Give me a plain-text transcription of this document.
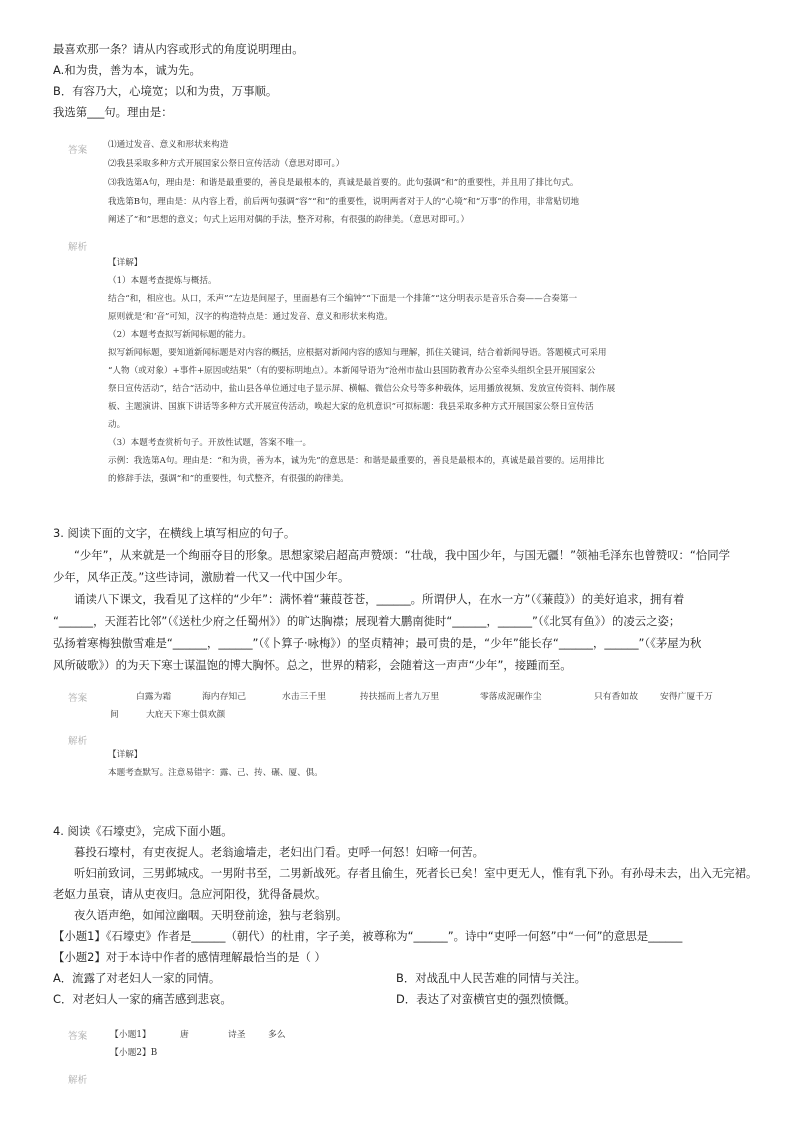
最喜欢那一条？请从内容或形式的角度说明理由。
A.和为贵，善为本，诚为先。
B．有容乃大，心境宽；以和为贵，万事顺。
我选第___句。理由是：
答案 ⑴通过发音、意义和形状来构造
⑵我县采取多种方式开展国家公祭日宣传活动（意思对即可。）
⑶我选第A句，理由是：和谐是最重要的，善良是最根本的，真诚是最首要的。此句强调“和”的重要性，并且用了排比句式。
我选第B句，理由是：从内容上看，前后两句强调“容”“和”的重要性，说明两者对于人的“心境”和“万事”的作用，非常贴切地
阐述了“和”思想的意义；句式上运用对偶的手法，整齐对称，有很强的韵律美。（意思对即可。）
解析
【详解】
（1）本题考查提炼与概括。
结合“和，相应也。从口，禾声”“左边是间屋子，里面悬有三个编钟”“下面是一个排箫”“这分明表示是音乐合奏——合奏第一
原则就是‘和’音”可知，汉字的构造特点是：通过发音、意义和形状来构造。
（2）本题考查拟写新闻标题的能力。
拟写新闻标题，要知道新闻标题是对内容的概括，应根据对新闻内容的感知与理解，抓住关键词，结合着新闻导语。答题模式可采用
“人物（或对象）+事件+原因或结果”（有的要标明地点）。本新闻导语为“沧州市盐山县国防教育办公室牵头组织全县开展国家公
祭日宣传活动”，结合“活动中，盐山县各单位通过电子显示屏、横幅、微信公众号等多种载体，运用播放视频、发放宣传资料、制作展
板、主题演讲、国旗下讲话等多种方式开展宣传活动，唤起大家的危机意识”可拟标题：我县采取多种方式开展国家公祭日宣传活
动。
（3）本题考查赏析句子。开放性试题，答案不唯一。
示例：我选第A句。理由是：“和为贵，善为本，诚为先”的意思是：和谐是最重要的，善良是最根本的，真诚是最首要的。运用排比
的修辞手法，强调“和”的重要性，句式整齐，有很强的韵律美。
3. 阅读下面的文字，在横线上填写相应的句子。
“少年”，从来就是一个绚丽夺目的形象。思想家梁启超高声赞颂：“壮哉，我中国少年，与国无疆！”领袖毛泽东也曾赞叹：“恰同学
少年，风华正茂。”这些诗词，激励着一代又一代中国少年。
诵读八下课文，我看见了这样的“少年”：满怀着“蒹葭苍苍，______。所谓伊人，在水一方”（《蒹葭》）的美好追求，拥有着
“______，天涯若比邻”（《送杜少府之任蜀州》）的旷达胸襟；展现着大鹏南徙时“______，______”（《北冥有鱼》）的凌云之姿；
弘扬着寒梅独傲雪难是“______，______”（《卜算子·咏梅》）的坚贞精神；最可贵的是，“少年”能长存“______，______”（《茅屋为秋
风所破歌》）的为天下寒士谋温饱的博大胸怀。总之，世界的精彩，会随着这一声声“少年”，接踵而至。
答案	白露为霜	海内存知己	水击三千里	抟扶摇而上者九万里	零落成泥碾作尘	只有香如故	安得广厦千万
间	大庇天下寒士俱欢颜
解析
【详解】
本题考查默写。注意易错字：露、己、抟、碾、厦、俱。
4. 阅读《石壕吏》，完成下面小题。
暮投石壕村，有吏夜捉人。老翁逾墙走，老妇出门看。吏呼一何怒！妇啼一何苦。
听妇前致词，三男邺城戍。一男附书至，二男新战死。存者且偷生，死者长已矣！室中更无人，惟有乳下孙。有孙母未去，出入无完裙。
老妪力虽衰，请从吏夜归。急应河阳役，犹得备晨炊。
夜久语声绝，如闻泣幽咽。天明登前途，独与老翁别。
【小题1】《石壕吏》作者是______（朝代）的杜甫，字子美，被尊称为“______”。诗中“吏呼一何怒”中“一何”的意思是______
【小题2】对于本诗中作者的感情理解最恰当的是（ ）
A．流露了对老妇人一家的同情。	B．对战乱中人民苦难的同情与关注。
C．对老妇人一家的痛苦感到悲哀。	D．表达了对蛮横官吏的强烈愤慨。
答案	【小题1】	唐	诗圣	多么
【小题2】B
解析
